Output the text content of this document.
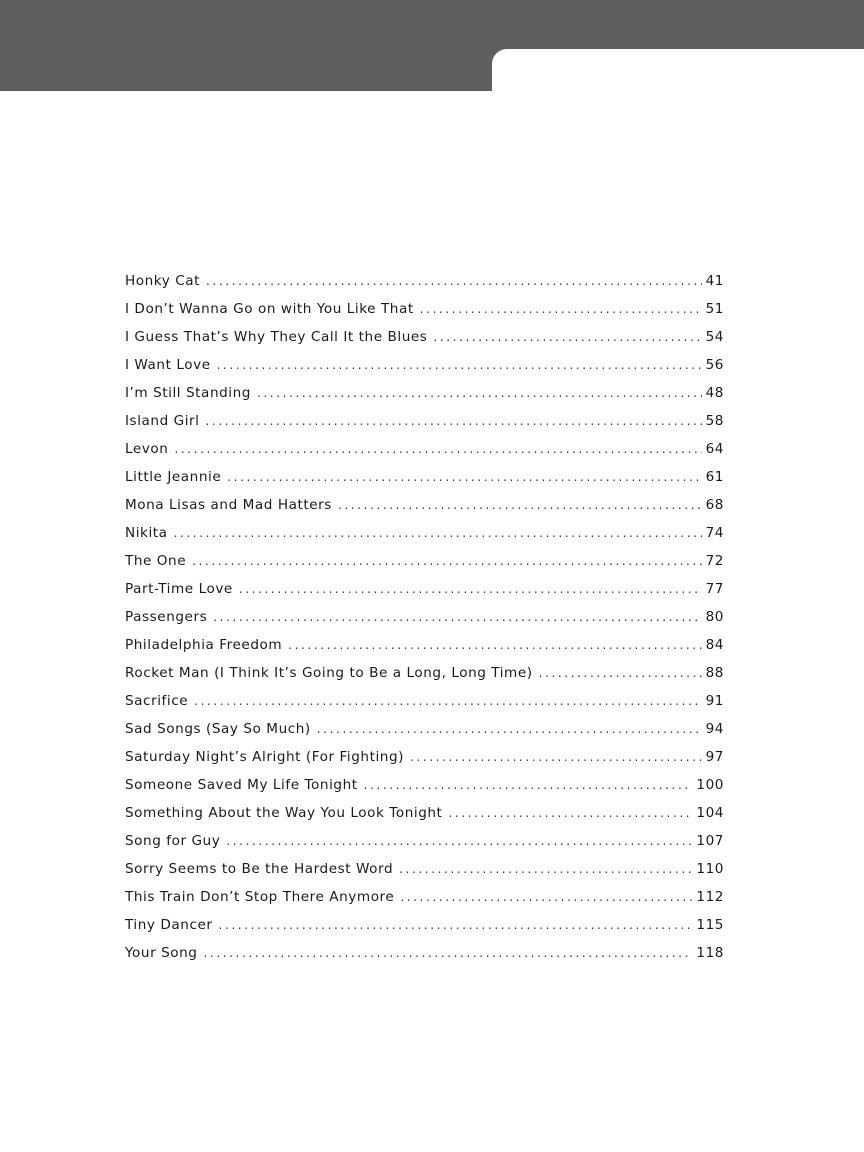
Honky Cat .....	41
I Don’t Wanna Go on with You Like That .....	51
I Guess That’s Why They Call It the Blues .....	54
I Want Love .....	56
I’m Still Standing .....	48
Island Girl .....	58
Levon .....	64
Little Jeannie .....	61
Mona Lisas and Mad Hatters .....	68
Nikita .....	74
The One .....	72
Part-Time Love .....	77
Passengers .....	80
Philadelphia Freedom .....	84
Rocket Man (I Think It’s Going to Be a Long, Long Time) .....	88
Sacrifice .....	91
Sad Songs (Say So Much) .....	94
Saturday Night’s Alright (For Fighting) .....	97
Someone Saved My Life Tonight .....	100
Something About the Way You Look Tonight .....	104
Song for Guy .....	107
Sorry Seems to Be the Hardest Word .....	110
This Train Don’t Stop There Anymore .....	112
Tiny Dancer .....	115
Your Song .....	118
